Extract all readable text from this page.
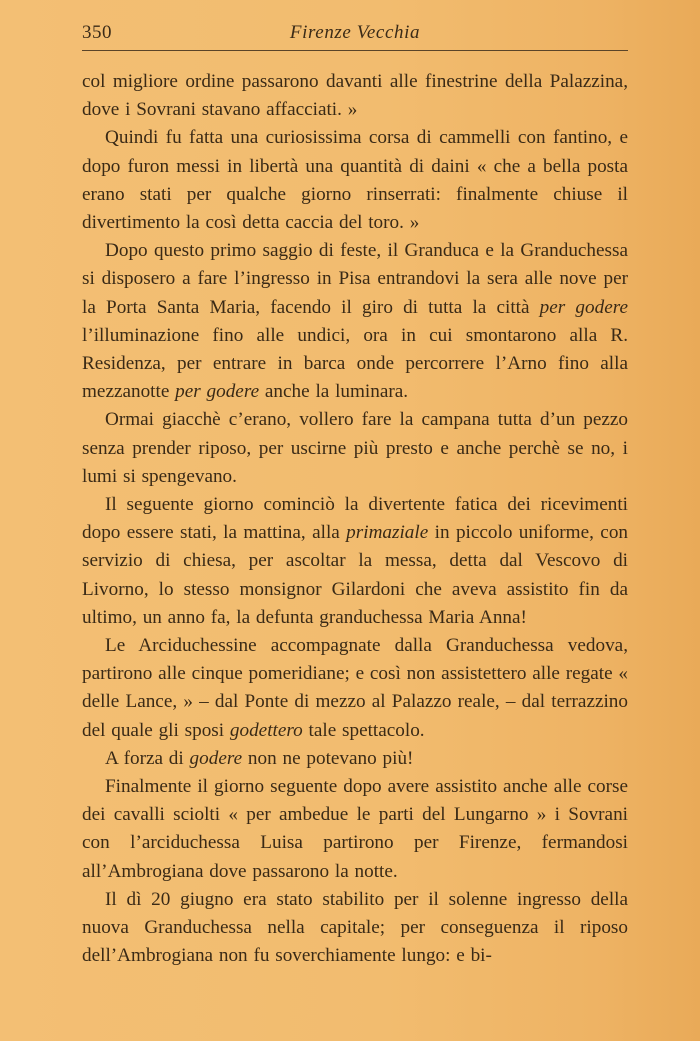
350	Firenze Vecchia

col migliore ordine passarono davanti alle finestrine della Palazzina, dove i Sovrani stavano affacciati. »

Quindi fu fatta una curiosissima corsa di cammelli con fantino, e dopo furon messi in libertà una quantità di daini « che a bella posta erano stati per qualche giorno rinserrati: finalmente chiuse il divertimento la così detta caccia del toro. »

Dopo questo primo saggio di feste, il Granduca e la Granduchessa si disposero a fare l’ingresso in Pisa entrandovi la sera alle nove per la Porta Santa Maria, facendo il giro di tutta la città per godere l’illuminazione fino alle undici, ora in cui smontarono alla R. Residenza, per entrare in barca onde percorrere l’Arno fino alla mezzanotte per godere anche la luminara.

Ormai giacchè c’erano, vollero fare la campana tutta d’un pezzo senza prender riposo, per uscirne più presto e anche perchè se no, i lumi si spengevano.

Il seguente giorno cominciò la divertente fatica dei ricevimenti dopo essere stati, la mattina, alla primaziale in piccolo uniforme, con servizio di chiesa, per ascoltar la messa, detta dal Vescovo di Livorno, lo stesso monsignor Gilardoni che aveva assistito fin da ultimo, un anno fa, la defunta granduchessa Maria Anna!

Le Arciduchessine accompagnate dalla Granduchessa vedova, partirono alle cinque pomeridiane; e così non assistettero alle regate « delle Lance, » – dal Ponte di mezzo al Palazzo reale, – dal terrazzino del quale gli sposi godettero tale spettacolo.

A forza di godere non ne potevano più!

Finalmente il giorno seguente dopo avere assistito anche alle corse dei cavalli sciolti « per ambedue le parti del Lungarno » i Sovrani con l’arciduchessa Luisa partirono per Firenze, fermandosi all’Ambrogiana dove passarono la notte.

Il dì 20 giugno era stato stabilito per il solenne ingresso della nuova Granduchessa nella capitale; per conseguenza il riposo dell’Ambrogiana non fu soverchiamente lungo: e bi-
